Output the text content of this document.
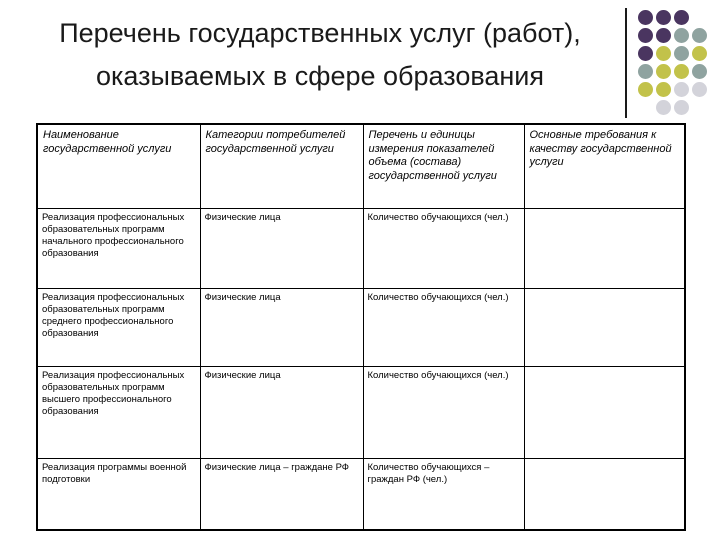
Перечень государственных услуг (работ),
оказываемых в сфере образования
Наименование государственной услуги	Категории потребителей государственной услуги	Перечень и единицы измерения показателей объема (состава) государственной услуги	Основные требования к качеству государственной услуги
Реализация профессиональных образовательных программ начального профессионального образования	Физические лица	Количество обучающихся (чел.)	
Реализация профессиональных образовательных программ среднего профессионального образования	Физические лица	Количество обучающихся (чел.)	
Реализация профессиональных образовательных программ высшего профессионального образования	Физические лица	Количество обучающихся (чел.)	
Реализация программы военной подготовки	Физические лица – граждане РФ	Количество обучающихся – граждан РФ (чел.)	
